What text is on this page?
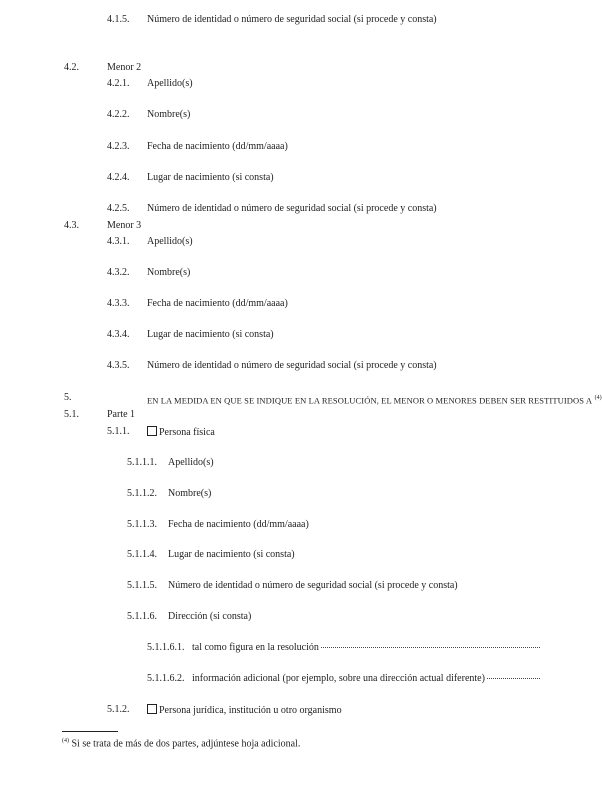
4.1.5. Número de identidad o número de seguridad social (si procede y consta)
4.2.	Menor 2
4.2.1. Apellido(s)
4.2.2. Nombre(s)
4.2.3. Fecha de nacimiento (dd/mm/aaaa)
4.2.4. Lugar de nacimiento (si consta)
4.2.5. Número de identidad o número de seguridad social (si procede y consta)
4.3.	Menor 3
4.3.1. Apellido(s)
4.3.2. Nombre(s)
4.3.3. Fecha de nacimiento (dd/mm/aaaa)
4.3.4. Lugar de nacimiento (si consta)
4.3.5. Número de identidad o número de seguridad social (si procede y consta)
5.	EN LA MEDIDA EN QUE SE INDIQUE EN LA RESOLUCIÓN, EL MENOR O MENORES DEBEN SER RESTITUIDOS A $^{(4)}$
5.1.	Parte 1
5.1.1.	Persona física
5.1.1.1. Apellido(s)
5.1.1.2. Nombre(s)
5.1.1.3. Fecha de nacimiento (dd/mm/aaaa)
5.1.1.4. Lugar de nacimiento (si consta)
5.1.1.5. Número de identidad o número de seguridad social (si procede y consta)
5.1.1.6. Dirección (si consta)
5.1.1.6.1. tal como figura en la resolución
5.1.1.6.2. información adicional (por ejemplo, sobre una dirección actual diferente)
5.1.2.	Persona jurídica, institución u otro organismo
$^{(4)}$ Si se trata de más de dos partes, adjúntese hoja adicional.
